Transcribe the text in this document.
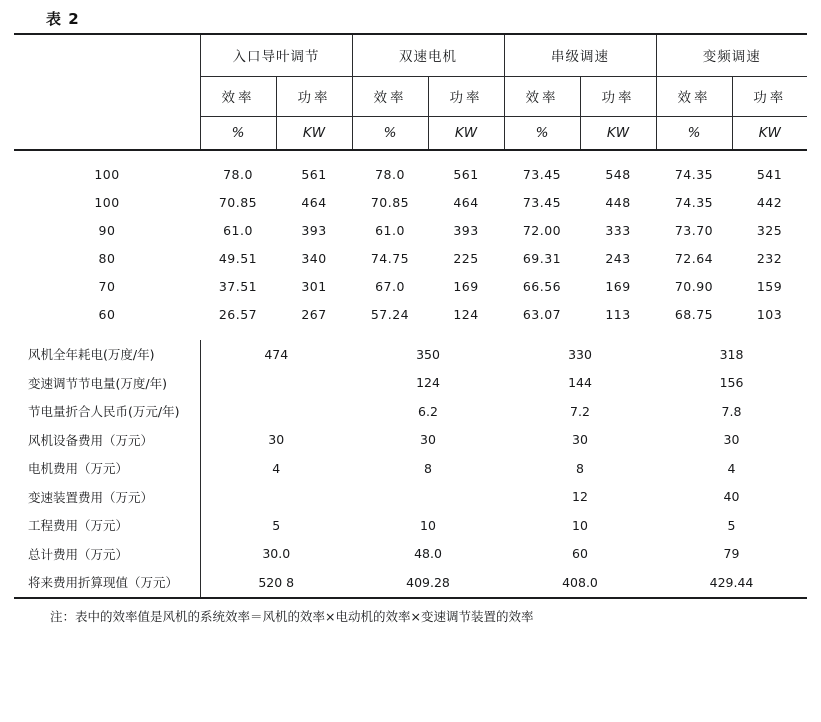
表 2
	入口导叶调节		双速电机		串级调速		变频调速	
	效率	功率	效率	功率	效率	功率	效率	功率
	%	KW	%	KW	%	KW	%	KW

100	78.0	561	78.0	561	73.45	548	74.35	541
100	70.85	464	70.85	464	73.45	448	74.35	442
90	61.0	393	61.0	393	72.00	333	73.70	325
80	49.51	340	74.75	225	69.31	243	72.64	232
70	37.51	301	67.0	169	66.56	169	70.90	159
60	26.57	267	57.24	124	63.07	113	68.75	103

风机全年耗电(万度/年)	474		350		330		318	
变速调节节电量(万度/年)			124		144		156	
节电量折合人民币(万元/年)			6.2		7.2		7.8	
风机设备费用（万元）	30		30		30		30	
电机费用（万元）	4		8		8		4	
变速装置费用（万元）					12		40	
工程费用（万元）	5		10		10		5	
总计费用（万元）	30.0		48.0		60		79	
将来费用折算现值（万元）	520 8		409.28		408.0		429.44	
注：表中的效率值是风机的系统效率＝风机的效率×电动机的效率×变速调节装置的效率
